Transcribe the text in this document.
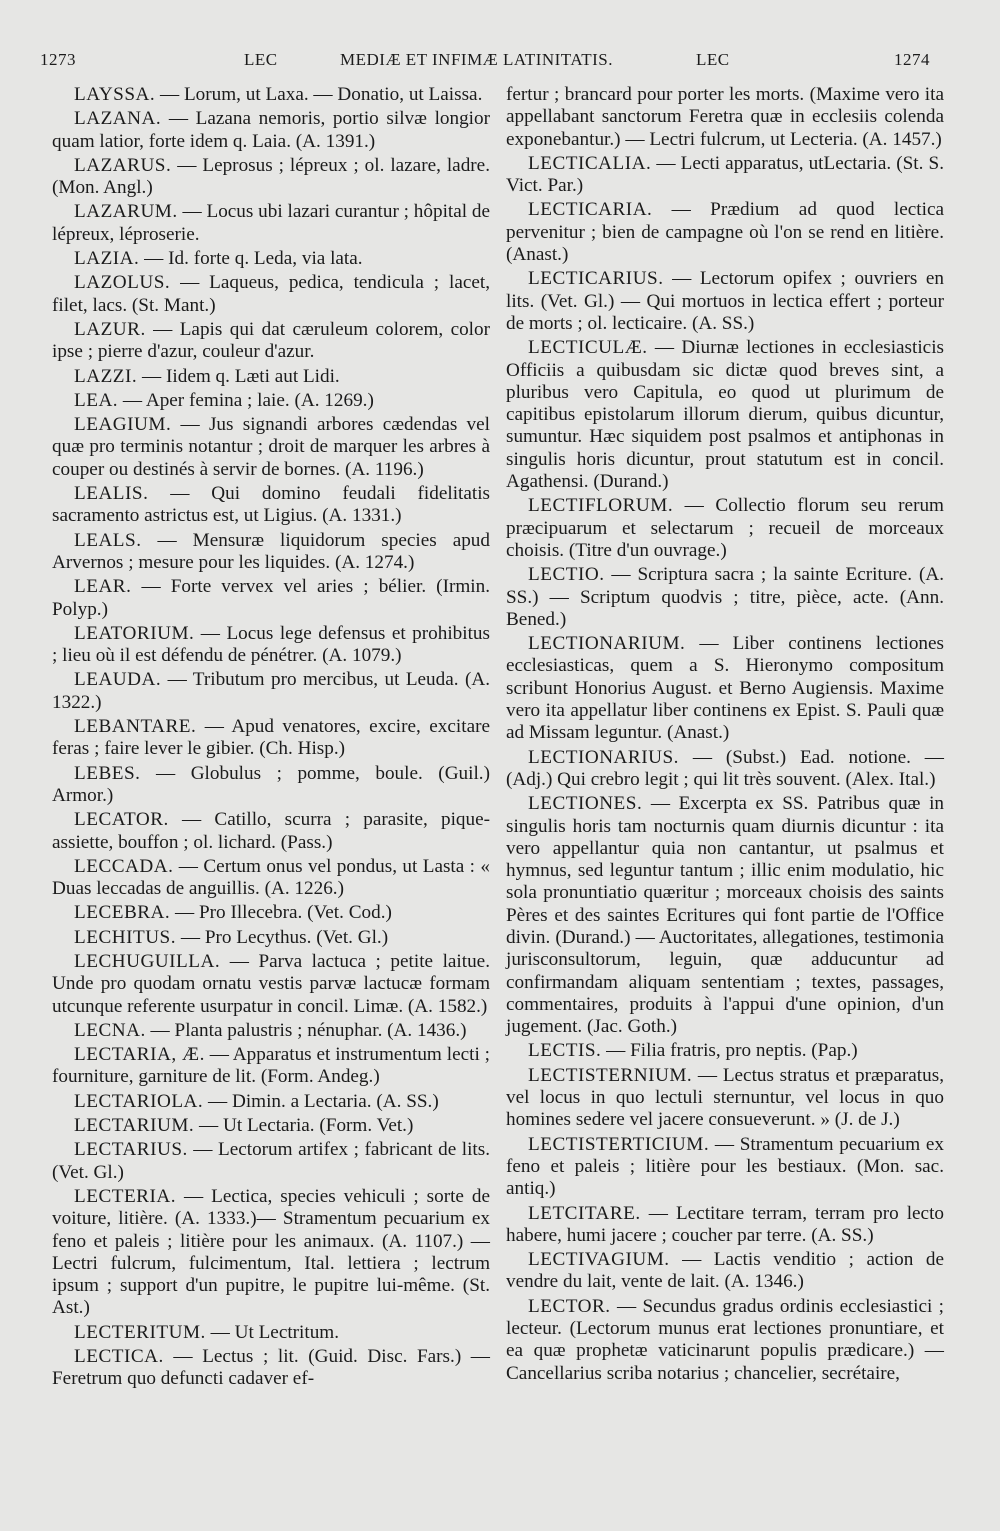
1273	LEC	MEDIÆ ET INFIMÆ LATINITATIS.	LEC	1274

LAYSSA. — Lorum, ut Laxa. — Donatio, ut Laissa.

LAZANA. — Lazana nemoris, portio silvæ longior quam latior, forte idem q. Laia. (A. 1391.)

LAZARUS. — Leprosus ; lépreux ; ol. lazare, ladre. (Mon. Angl.)

LAZARUM. — Locus ubi lazari curantur ; hôpital de lépreux, léproserie.

LAZIA. — Id. forte q. Leda, via lata.

LAZOLUS. — Laqueus, pedica, tendicula ; lacet, filet, lacs. (St. Mant.)

LAZUR. — Lapis qui dat cæruleum colorem, color ipse ; pierre d'azur, couleur d'azur.

LAZZI. — Iidem q. Læti aut Lidi.

LEA. — Aper femina ; laie. (A. 1269.)

LEAGIUM. — Jus signandi arbores cædendas vel quæ pro terminis notantur ; droit de marquer les arbres à couper ou destinés à servir de bornes. (A. 1196.)

LEALIS. — Qui domino feudali fidelitatis sacramento astrictus est, ut Ligius. (A. 1331.)

LEALS. — Mensuræ liquidorum species apud Arvernos ; mesure pour les liquides. (A. 1274.)

LEAR. — Forte vervex vel aries ; bélier. (Irmin. Polyp.)

LEATORIUM. — Locus lege defensus et prohibitus ; lieu où il est défendu de pénétrer. (A. 1079.)

LEAUDA. — Tributum pro mercibus, ut Leuda. (A. 1322.)

LEBANTARE. — Apud venatores, excire, excitare feras ; faire lever le gibier. (Ch. Hisp.)

LEBES. — Globulus ; pomme, boule. (Guil.) Armor.)

LECATOR. — Catillo, scurra ; parasite, pique-assiette, bouffon ; ol. lichard. (Pass.)

LECCADA. — Certum onus vel pondus, ut Lasta : « Duas leccadas de anguillis. (A. 1226.)

LECEBRA. — Pro Illecebra. (Vet. Cod.)

LECHITUS. — Pro Lecythus. (Vet. Gl.)

LECHUGUILLA. — Parva lactuca ; petite laitue. Unde pro quodam ornatu vestis parvæ lactucæ formam utcunque referente usurpatur in concil. Limæ. (A. 1582.)

LECNA. — Planta palustris ; nénuphar. (A. 1436.)

LECTARIA, Æ. — Apparatus et instrumentum lecti ; fourniture, garniture de lit. (Form. Andeg.)

LECTARIOLA. — Dimin. a Lectaria. (A. SS.)

LECTARIUM. — Ut Lectaria. (Form. Vet.)

LECTARIUS. — Lectorum artifex ; fabricant de lits. (Vet. Gl.)

LECTERIA. — Lectica, species vehiculi ; sorte de voiture, litière. (A. 1333.)— Stramentum pecuarium ex feno et paleis ; litière pour les animaux. (A. 1107.) — Lectri fulcrum, fulcimentum, Ital. lettiera ; lectrum ipsum ; support d'un pupitre, le pupitre lui-même. (St. Ast.)

LECTERITUM. — Ut Lectritum.

LECTICA. — Lectus ; lit. (Guid. Disc. Fars.) — Feretrum quo defuncti cadaver ef-

fertur ; brancard pour porter les morts. (Maxime vero ita appellabant sanctorum Feretra quæ in ecclesiis colenda exponebantur.) — Lectri fulcrum, ut Lecteria. (A. 1457.)

LECTICALIA. — Lecti apparatus, utLectaria. (St. S. Vict. Par.)

LECTICARIA. — Prædium ad quod lectica pervenitur ; bien de campagne où l'on se rend en litière. (Anast.)

LECTICARIUS. — Lectorum opifex ; ouvriers en lits. (Vet. Gl.) — Qui mortuos in lectica effert ; porteur de morts ; ol. lecticaire. (A. SS.)

LECTICULÆ. — Diurnæ lectiones in ecclesiasticis Officiis a quibusdam sic dictæ quod breves sint, a pluribus vero Capitula, eo quod ut plurimum de capitibus epistolarum illorum dierum, quibus dicuntur, sumuntur. Hæc siquidem post psalmos et antiphonas in singulis horis dicuntur, prout statutum est in concil. Agathensi. (Durand.)

LECTIFLORUM. — Collectio florum seu rerum præcipuarum et selectarum ; recueil de morceaux choisis. (Titre d'un ouvrage.)

LECTIO. — Scriptura sacra ; la sainte Ecriture. (A. SS.) — Scriptum quodvis ; titre, pièce, acte. (Ann. Bened.)

LECTIONARIUM. — Liber continens lectiones ecclesiasticas, quem a S. Hieronymo compositum scribunt Honorius August. et Berno Augiensis. Maxime vero ita appellatur liber continens ex Epist. S. Pauli quæ ad Missam leguntur. (Anast.)

LECTIONARIUS. — (Subst.) Ead. notione. — (Adj.) Qui crebro legit ; qui lit très souvent. (Alex. Ital.)

LECTIONES. — Excerpta ex SS. Patribus quæ in singulis horis tam nocturnis quam diurnis dicuntur : ita vero appellantur quia non cantantur, ut psalmus et hymnus, sed leguntur tantum ; illic enim modulatio, hic sola pronuntiatio quæritur ; morceaux choisis des saints Pères et des saintes Ecritures qui font partie de l'Office divin. (Durand.) — Auctoritates, allegationes, testimonia jurisconsultorum, leguin, quæ adducuntur ad confirmandam aliquam sententiam ; textes, passages, commentaires, produits à l'appui d'une opinion, d'un jugement. (Jac. Goth.)

LECTIS. — Filia fratris, pro neptis. (Pap.)

LECTISTERNIUM. — Lectus stratus et præparatus, vel locus in quo lectuli sternuntur, vel locus in quo homines sedere vel jacere consueverunt. » (J. de J.)

LECTISTERTICIUM. — Stramentum pecuarium ex feno et paleis ; litière pour les bestiaux. (Mon. sac. antiq.)

LETCITARE. — Lectitare terram, terram pro lecto habere, humi jacere ; coucher par terre. (A. SS.)

LECTIVAGIUM. — Lactis venditio ; action de vendre du lait, vente de lait. (A. 1346.)

LECTOR. — Secundus gradus ordinis ecclesiastici ; lecteur. (Lectorum munus erat lectiones pronuntiare, et ea quæ prophetæ vaticinarunt populis prædicare.) — Cancellarius scriba notarius ; chancelier, secrétaire,
